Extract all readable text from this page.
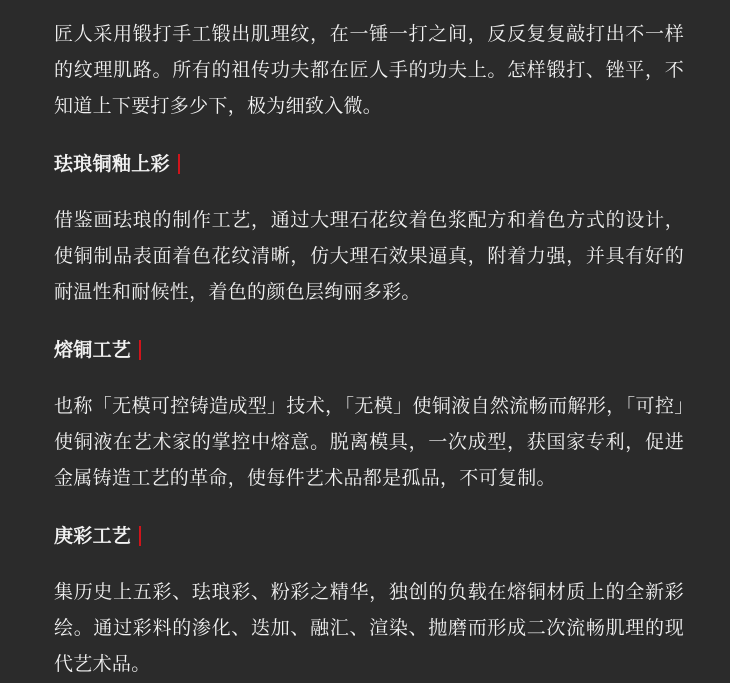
匠人采用锻打手工锻出肌理纹，在一锤一打之间，反反复复敲打出不一样的纹理肌路。所有的祖传功夫都在匠人手的功夫上。怎样锻打、锉平，不知道上下要打多少下，极为细致入微。

珐琅铜釉上彩

借鉴画珐琅的制作工艺，通过大理石花纹着色浆配方和着色方式的设计，使铜制品表面着色花纹清晰，仿大理石效果逼真，附着力强，并具有好的耐温性和耐候性，着色的颜色层绚丽多彩。

熔铜工艺

也称「无模可控铸造成型」技术，「无模」使铜液自然流畅而解形，「可控」使铜液在艺术家的掌控中熔意。脱离模具，一次成型，获国家专利，促进金属铸造工艺的革命，使每件艺术品都是孤品，不可复制。

庚彩工艺

集历史上五彩、珐琅彩、粉彩之精华，独创的负载在熔铜材质上的全新彩绘。通过彩料的渗化、迭加、融汇、渲染、抛磨而形成二次流畅肌理的现代艺术品。
